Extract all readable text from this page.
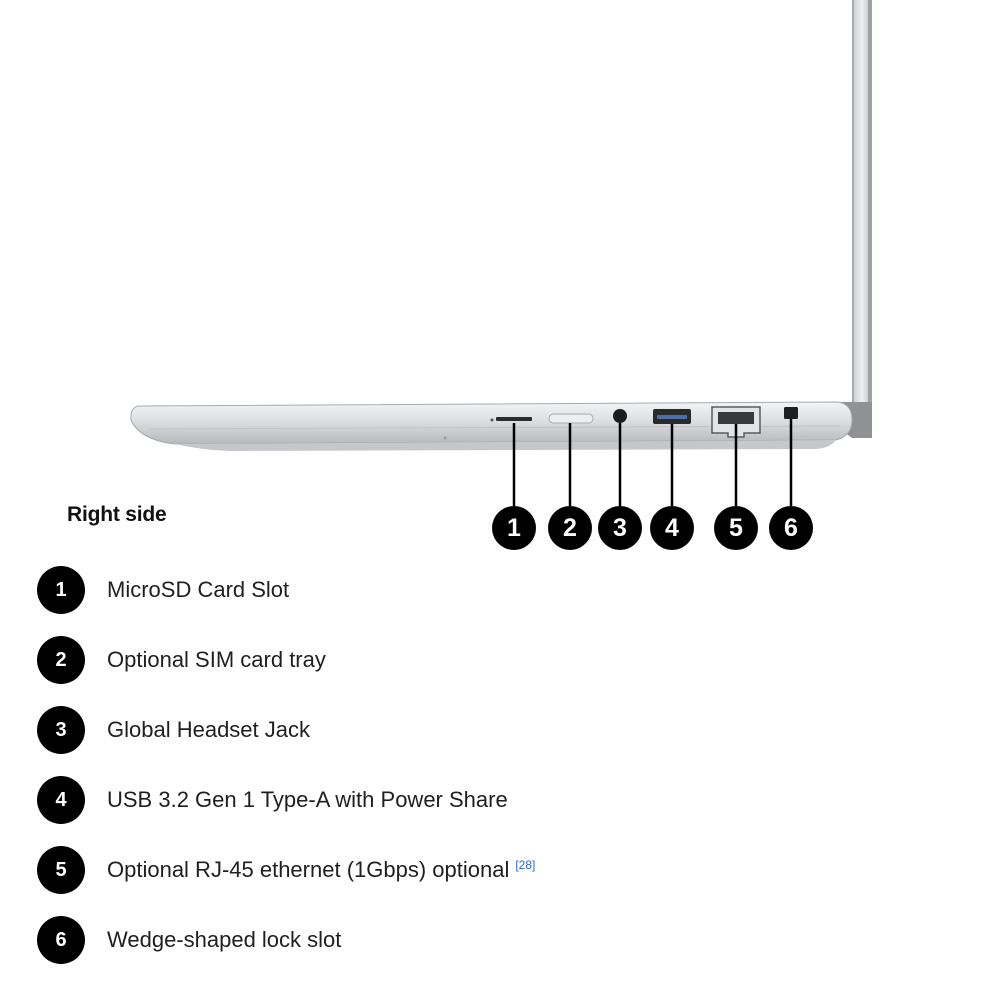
1	2	3	4	5	6
Right side
1	MicroSD Card Slot
2	Optional SIM card tray
3	Global Headset Jack
4	USB 3.2 Gen 1 Type-A with Power Share
5	Optional RJ-45 ethernet (1Gbps) optional [28]
6	Wedge-shaped lock slot
